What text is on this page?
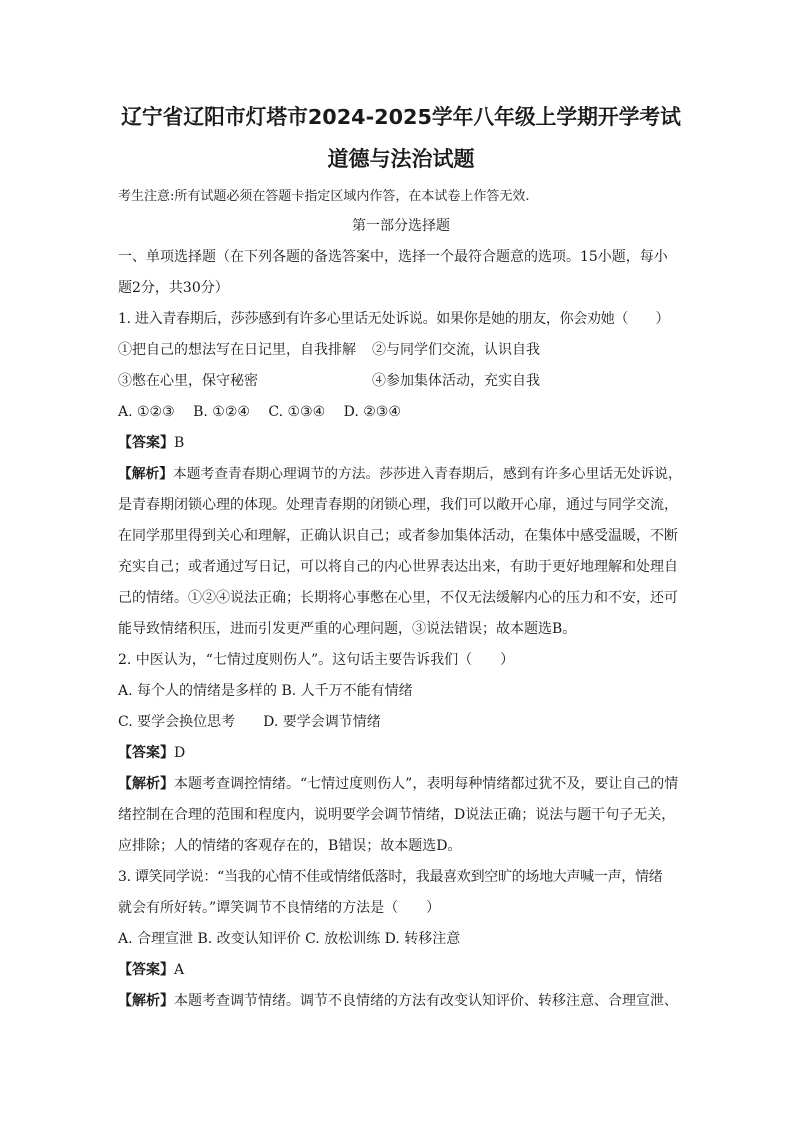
辽宁省辽阳市灯塔市2024-2025学年八年级上学期开学考试

道德与法治试题

考生注意:所有试题必须在答题卡指定区域内作答，在本试卷上作答无效.

第一部分选择题

一、单项选择题（在下列各题的备选答案中，选择一个最符合题意的选项。15小题，每小

题2分，共30分）

1. 进入青春期后，莎莎感到有许多心里话无处诉说。如果你是她的朋友，你会劝她（　　）

①把自己的想法写在日记里，自我排解 ②与同学们交流，认识自我

③憋在心里，保守秘密	④参加集体活动，充实自我

A. ①②③　 B. ①②④　 C. ①③④　 D. ②③④

【答案】B

【解析】本题考查青春期心理调节的方法。莎莎进入青春期后，感到有许多心里话无处诉说，

是青春期闭锁心理的体现。处理青春期的闭锁心理，我们可以敞开心扉，通过与同学交流，

在同学那里得到关心和理解，正确认识自己；或者参加集体活动，在集体中感受温暖，不断

充实自己；或者通过写日记，可以将自己的内心世界表达出来，有助于更好地理解和处理自

己的情绪。①②④说法正确；长期将心事憋在心里，不仅无法缓解内心的压力和不安，还可

能导致情绪积压，进而引发更严重的心理问题，③说法错误；故本题选B。

2. 中医认为，“七情过度则伤人”。这句话主要告诉我们（　　）

A. 每个人的情绪是多样的 B. 人千万不能有情绪

C. 要学会换位思考　　D. 要学会调节情绪

【答案】D

【解析】本题考查调控情绪。“七情过度则伤人”，表明每种情绪都过犹不及，要让自己的情

绪控制在合理的范围和程度内，说明要学会调节情绪，D说法正确；说法与题干句子无关，

应排除；人的情绪的客观存在的，B错误；故本题选D。

3. 谭笑同学说：“当我的心情不佳或情绪低落时，我最喜欢到空旷的场地大声喊一声，情绪

就会有所好转。”谭笑调节不良情绪的方法是（　　）

A. 合理宣泄 B. 改变认知评价 C. 放松训练 D. 转移注意

【答案】A

【解析】本题考查调节情绪。调节不良情绪的方法有改变认知评价、转移注意、合理宣泄、
